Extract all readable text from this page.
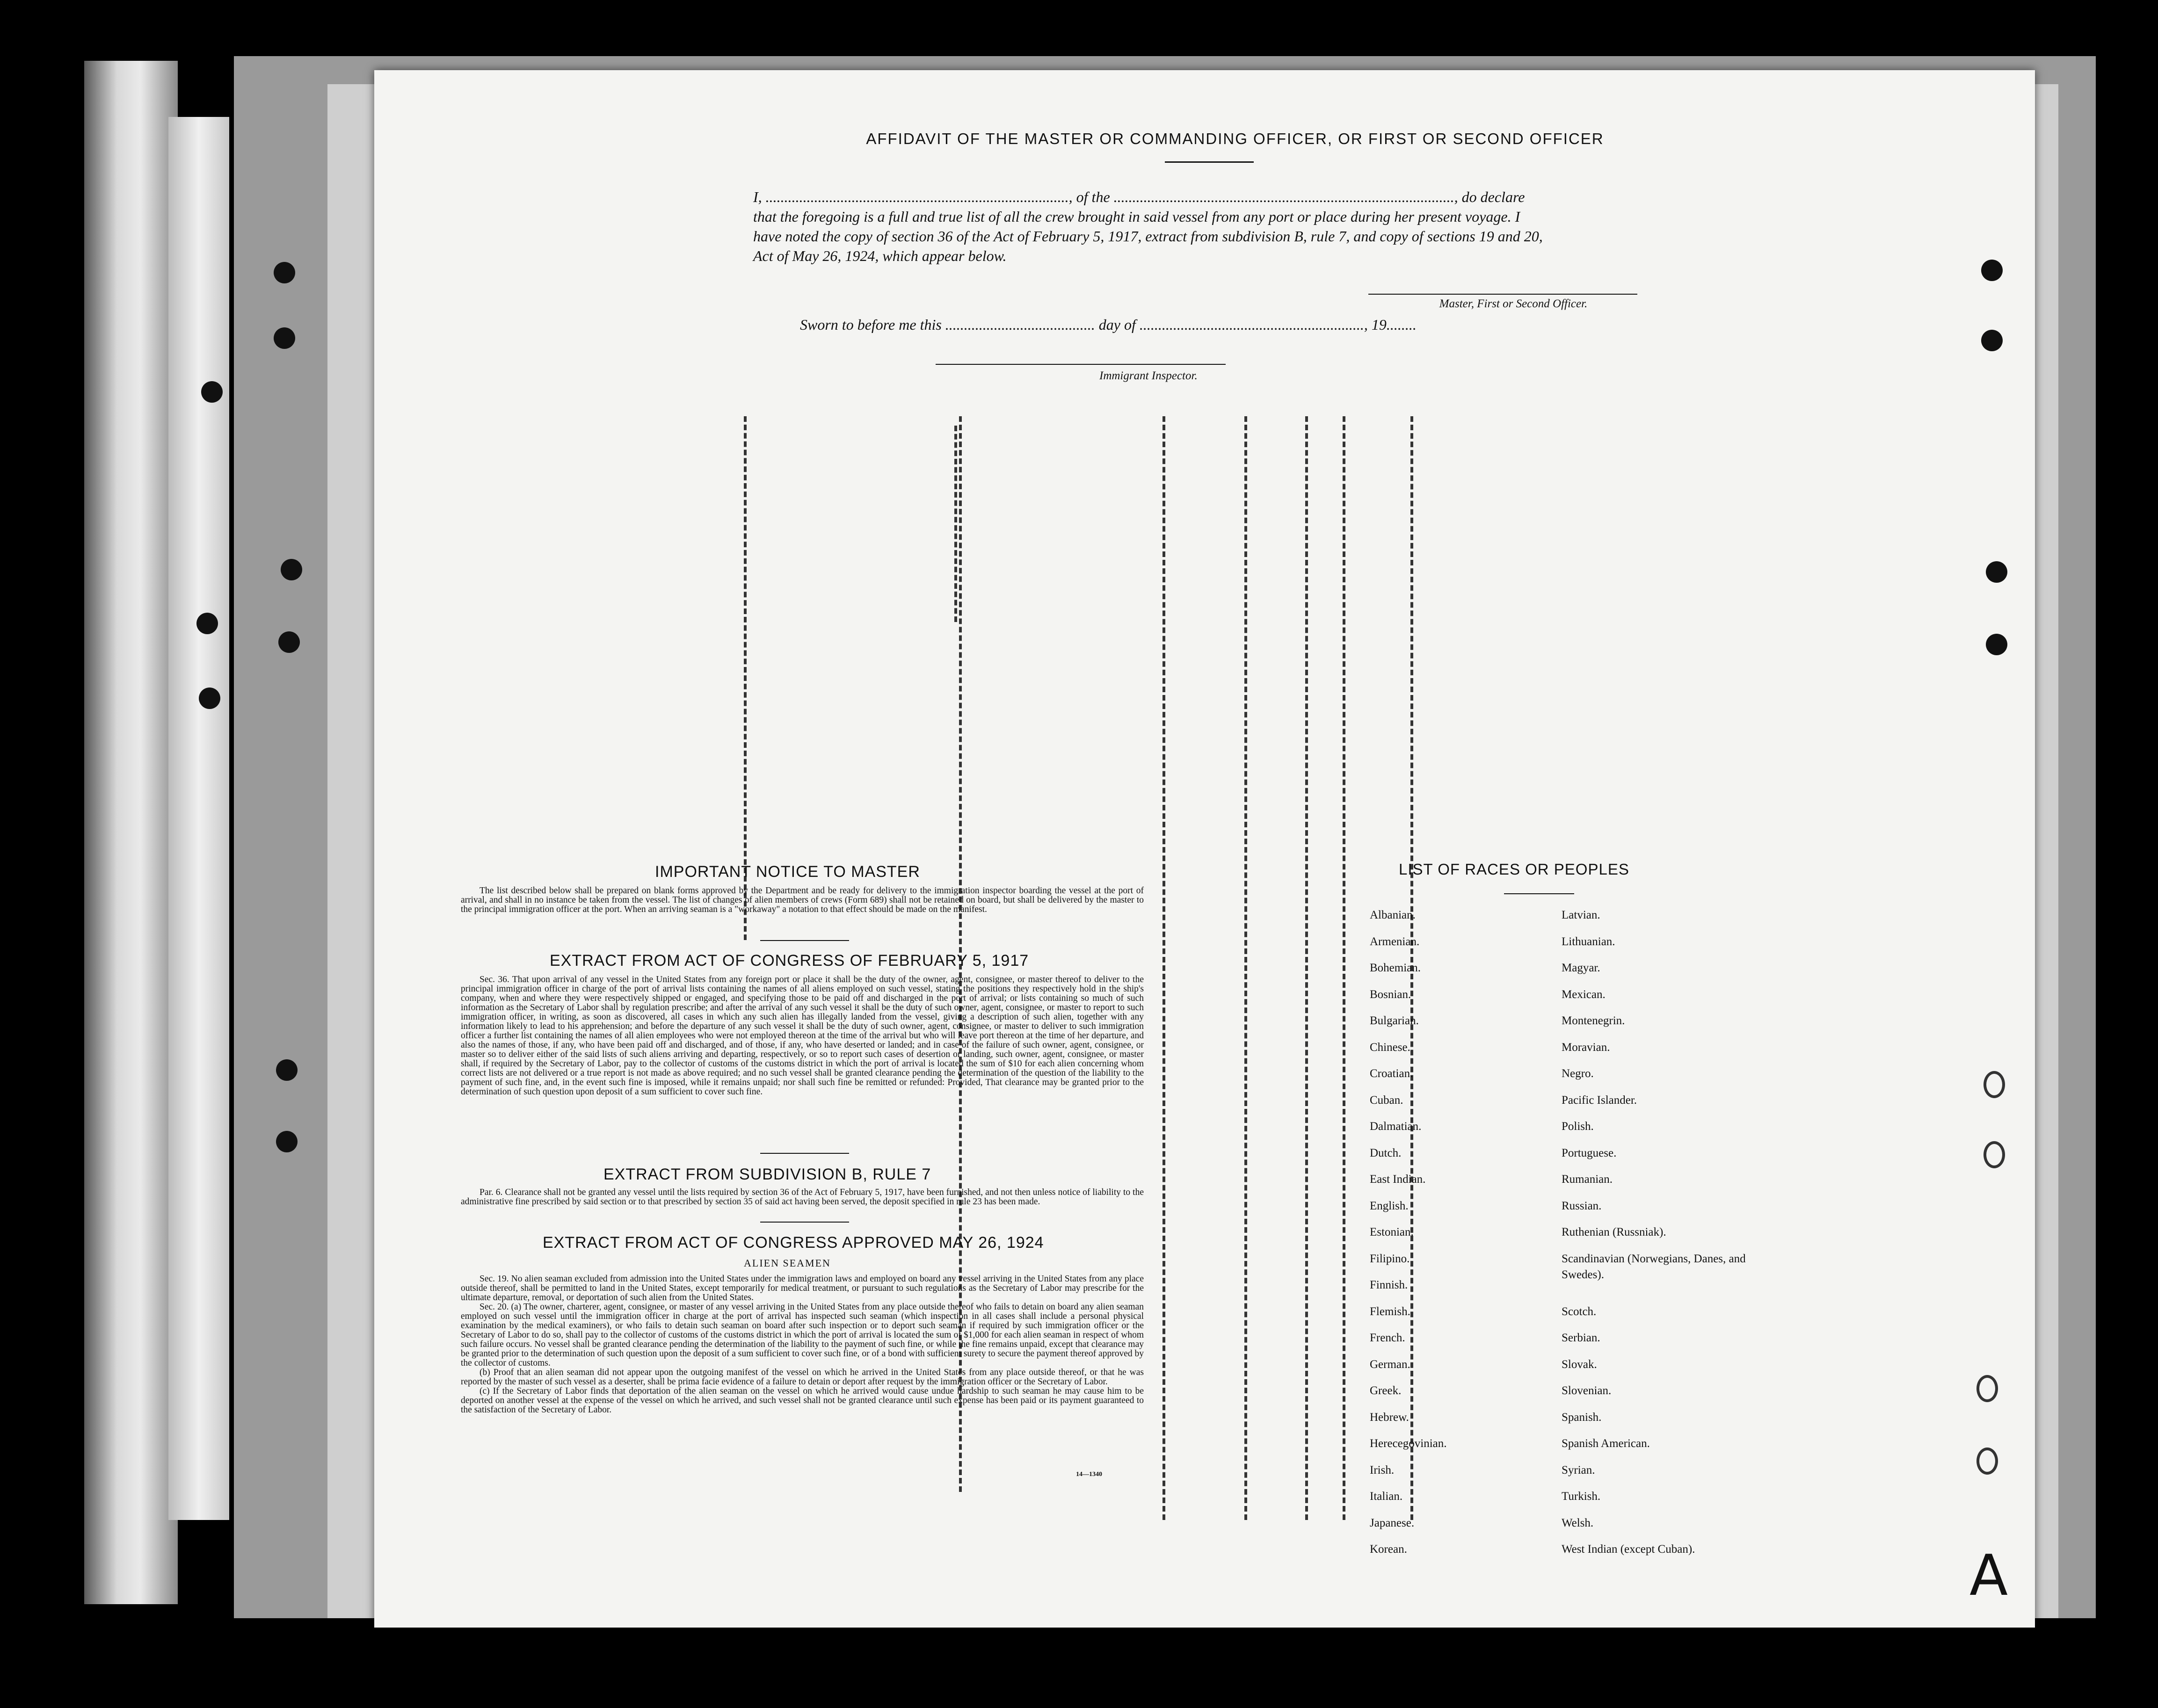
AFFIDAVIT OF THE MASTER OR COMMANDING OFFICER, OR FIRST OR SECOND OFFICER
I, ................................................................................., of the ..........................................................................................., do declare that the foregoing is a full and true list of all the crew brought in said vessel from any port or place during her present voyage. I have noted the copy of section 36 of the Act of February 5, 1917, extract from subdivision B, rule 7, and copy of sections 19 and 20, Act of May 26, 1924, which appear below.
Master, First or Second Officer.
Sworn to before me this ........................................ day of ............................................................, 19........
Immigrant Inspector.
IMPORTANT NOTICE TO MASTER

The list described below shall be prepared on blank forms approved by the Department and be ready for delivery to the immigration inspector boarding the vessel at the port of arrival, and shall in no instance be taken from the vessel. The list of changes of alien members of crews (Form 689) shall not be retained on board, but shall be delivered by the master to the principal immigration officer at the port. When an arriving seaman is a "workaway" a notation to that effect should be made on the manifest.

EXTRACT FROM ACT OF CONGRESS OF FEBRUARY 5, 1917

Sec. 36. That upon arrival of any vessel in the United States from any foreign port or place it shall be the duty of the owner, agent, consignee, or master thereof to deliver to the principal immigration officer in charge of the port of arrival lists containing the names of all aliens employed on such vessel, stating the positions they respectively hold in the ship's company, when and where they were respectively shipped or engaged, and specifying those to be paid off and discharged in the port of arrival; or lists containing so much of such information as the Secretary of Labor shall by regulation prescribe; and after the arrival of any such vessel it shall be the duty of such owner, agent, consignee, or master to report to such immigration officer, in writing, as soon as discovered, all cases in which any such alien has illegally landed from the vessel, giving a description of such alien, together with any information likely to lead to his apprehension; and before the departure of any such vessel it shall be the duty of such owner, agent, consignee, or master to deliver to such immigration officer a further list containing the names of all alien employees who were not employed thereon at the time of the arrival but who will leave port thereon at the time of her departure, and also the names of those, if any, who have been paid off and discharged, and of those, if any, who have deserted or landed; and in case of the failure of such owner, agent, consignee, or master so to deliver either of the said lists of such aliens arriving and departing, respectively, or so to report such cases of desertion or landing, such owner, agent, consignee, or master shall, if required by the Secretary of Labor, pay to the collector of customs of the customs district in which the port of arrival is located the sum of $10 for each alien concerning whom correct lists are not delivered or a true report is not made as above required; and no such vessel shall be granted clearance pending the determination of the question of the liability to the payment of such fine, and, in the event such fine is imposed, while it remains unpaid; nor shall such fine be remitted or refunded: Provided, That clearance may be granted prior to the determination of such question upon deposit of a sum sufficient to cover such fine.

EXTRACT FROM SUBDIVISION B, RULE 7

Par. 6. Clearance shall not be granted any vessel until the lists required by section 36 of the Act of February 5, 1917, have been furnished, and not then unless notice of liability to the administrative fine prescribed by said section or to that prescribed by section 35 of said act having been served, the deposit specified in rule 23 has been made.

EXTRACT FROM ACT OF CONGRESS APPROVED MAY 26, 1924
ALIEN SEAMEN

Sec. 19. No alien seaman excluded from admission into the United States under the immigration laws and employed on board any vessel arriving in the United States from any place outside thereof, shall be permitted to land in the United States, except temporarily for medical treatment, or pursuant to such regulations as the Secretary of Labor may prescribe for the ultimate departure, removal, or deportation of such alien from the United States.

Sec. 20. (a) The owner, charterer, agent, consignee, or master of any vessel arriving in the United States from any place outside thereof who fails to detain on board any alien seaman employed on such vessel until the immigration officer in charge at the port of arrival has inspected such seaman (which inspection in all cases shall include a personal physical examination by the medical examiners), or who fails to detain such seaman on board after such inspection or to deport such seaman if required by such immigration officer or the Secretary of Labor to do so, shall pay to the collector of customs of the customs district in which the port of arrival is located the sum of $1,000 for each alien seaman in respect of whom such failure occurs. No vessel shall be granted clearance pending the determination of the liability to the payment of such fine, or while the fine remains unpaid, except that clearance may be granted prior to the determination of such question upon the deposit of a sum sufficient to cover such fine, or of a bond with sufficient surety to secure the payment thereof approved by the collector of customs.

(b) Proof that an alien seaman did not appear upon the outgoing manifest of the vessel on which he arrived in the United States from any place outside thereof, or that he was reported by the master of such vessel as a deserter, shall be prima facie evidence of a failure to detain or deport after request by the immigration officer or the Secretary of Labor.

(c) If the Secretary of Labor finds that deportation of the alien seaman on the vessel on which he arrived would cause undue hardship to such seaman he may cause him to be deported on another vessel at the expense of the vessel on which he arrived, and such vessel shall not be granted clearance until such expense has been paid or its payment guaranteed to the satisfaction of the Secretary of Labor.

14—1340
LIST OF RACES OR PEOPLES
Albanian.
Armenian.
Bohemian.
Bosnian.
Bulgarian.
Chinese.
Croatian.
Cuban.
Dalmatian.
Dutch.
East Indian.
English.
Estonian.
Filipino.
Finnish.
Flemish.
French.
German.
Greek.
Hebrew.
Herecegovinian.
Irish.
Italian.
Japanese.
Korean.
Latvian.
Lithuanian.
Magyar.
Mexican.
Montenegrin.
Moravian.
Negro.
Pacific Islander.
Polish.
Portuguese.
Rumanian.
Russian.
Ruthenian (Russniak).
Scandinavian (Norwegians, Danes, and Swedes).
Scotch.
Serbian.
Slovak.
Slovenian.
Spanish.
Spanish American.
Syrian.
Turkish.
Welsh.
West Indian (except Cuban).	A
